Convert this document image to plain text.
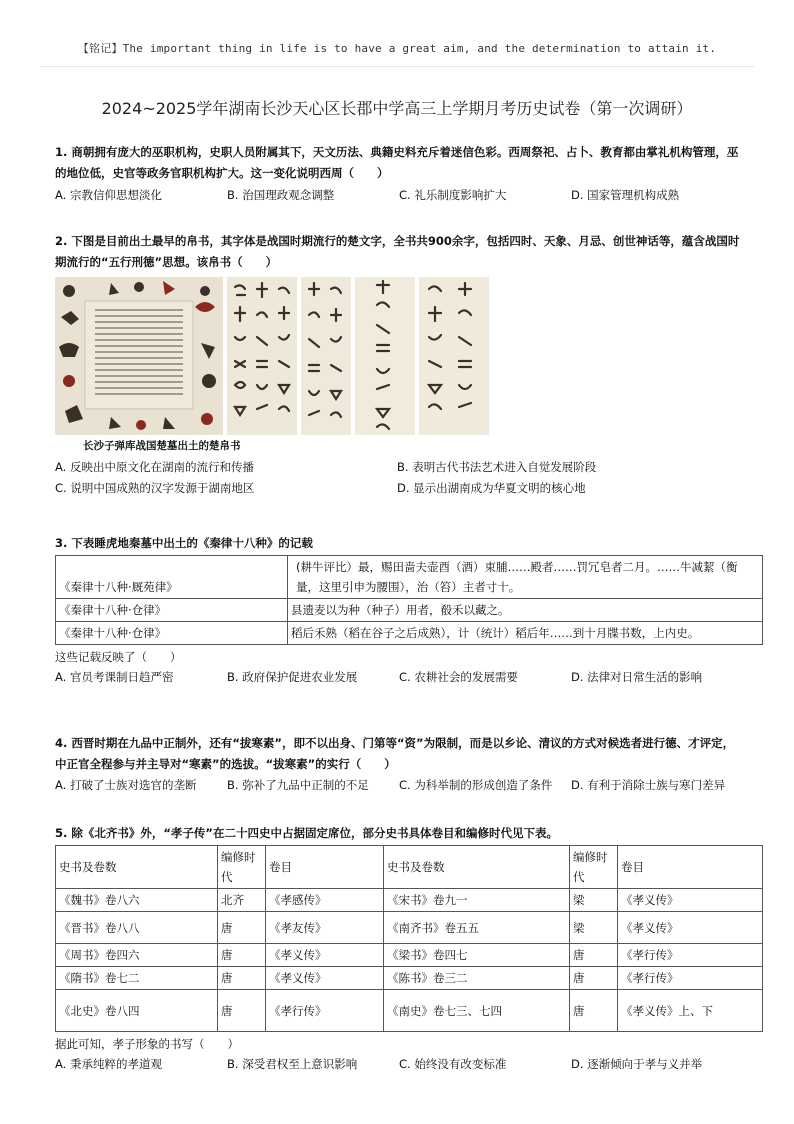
【铭记】The important thing in life is to have a great aim, and the determination to attain it.
2024~2025学年湖南长沙天心区长郡中学高三上学期月考历史试卷（第一次调研）
1. 商朝拥有庞大的巫职机构，史职人员附属其下，天文历法、典籍史料充斥着迷信色彩。西周祭祀、占卜、教育都由掌礼机构管理，巫的地位低，史官等政务官职机构扩大。这一变化说明西周（　　）
A. 宗教信仰思想淡化	B. 治国理政观念调整	C. 礼乐制度影响扩大	D. 国家管理机构成熟
2. 下图是目前出土最早的帛书，其字体是战国时期流行的楚文字，全书共900余字，包括四时、天象、月忌、创世神话等，蕴含战国时期流行的“五行刑德”思想。该帛书（　　）
长沙子弹库战国楚墓出土的楚帛书
A. 反映出中原文化在湖南的流行和传播	B. 表明古代书法艺术进入自觉发展阶段
C. 说明中国成熟的汉字发源于湖南地区	D. 显示出湖南成为华夏文明的核心地
3. 下表睡虎地秦墓中出土的《秦律十八种》的记载
《秦律十八种·厩苑律》	(耕牛评比）最，赐田啬夫壶酉（酒）束脯……殿者……罚冗皂者二月。……牛减絜（衡量，这里引申为腰围），治（笞）主者寸十。
《秦律十八种·仓律》	县遗麦以为种（种子）用者，殽禾以藏之。
《秦律十八种·仓律》	稻后禾熟（稻在谷子之后成熟），计（统计）稻后年……到十月牒书数，上内史。
这些记载反映了（　　）
A. 官员考课制日趋严密	B. 政府保护促进农业发展	C. 农耕社会的发展需要	D. 法律对日常生活的影响
4. 西晋时期在九品中正制外，还有“拔寒素”，即不以出身、门第等“资”为限制，而是以乡论、清议的方式对候选者进行德、才评定，中正官全程参与并主导对“寒素”的选拔。“拔寒素”的实行（　　）
A. 打破了士族对选官的垄断	B. 弥补了九品中正制的不足	C. 为科举制的形成创造了条件	D. 有利于消除士族与寒门差异
5. 除《北齐书》外，“孝子传”在二十四史中占据固定席位，部分史书具体卷目和编修时代见下表。
史书及卷数	编修时代	卷目	史书及卷数	编修时代	卷目
《魏书》卷八六	北齐	《孝感传》	《宋书》卷九一	梁	《孝义传》
《晋书》卷八八	唐	《孝友传》	《南齐书》卷五五	梁	《孝义传》
《周书》卷四六	唐	《孝义传》	《梁书》卷四七	唐	《孝行传》
《隋书》卷七二	唐	《孝义传》	《陈书》卷三二	唐	《孝行传》
《北史》卷八四	唐	《孝行传》	《南史》卷七三、七四	唐	《孝义传》上、下
据此可知，孝子形象的书写（　　）
A. 秉承纯粹的孝道观	B. 深受君权至上意识影响	C. 始终没有改变标准	D. 逐渐倾向于孝与义并举
